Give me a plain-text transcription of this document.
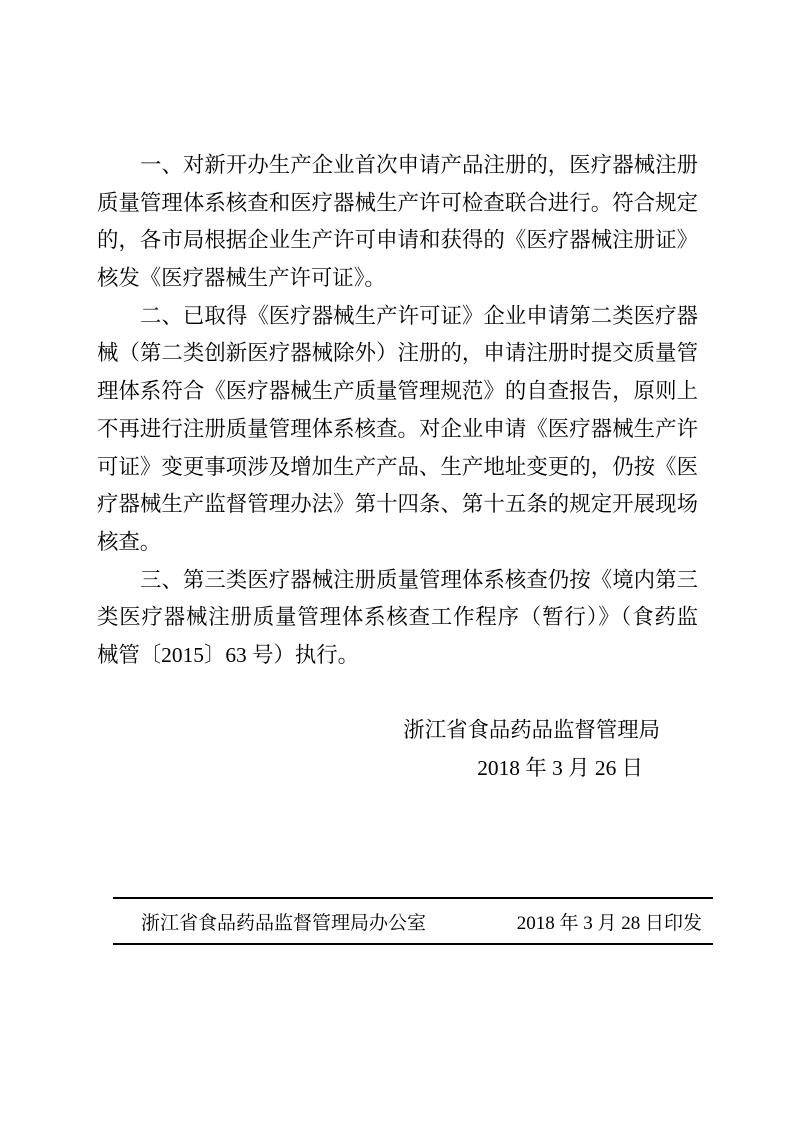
一、对新开办生产企业首次申请产品注册的，医疗器械注册
质量管理体系核查和医疗器械生产许可检查联合进行。符合规定
的，各市局根据企业生产许可申请和获得的《医疗器械注册证》
核发《医疗器械生产许可证》。
二、已取得《医疗器械生产许可证》企业申请第二类医疗器
械（第二类创新医疗器械除外）注册的，申请注册时提交质量管
理体系符合《医疗器械生产质量管理规范》的自查报告，原则上
不再进行注册质量管理体系核查。对企业申请《医疗器械生产许
可证》变更事项涉及增加生产产品、生产地址变更的，仍按《医
疗器械生产监督管理办法》第十四条、第十五条的规定开展现场
核查。
三、第三类医疗器械注册质量管理体系核查仍按《境内第三
类医疗器械注册质量管理体系核查工作程序（暂行）》（食药监
械管〔2015〕63 号）执行。
浙江省食品药品监督管理局
2018 年 3 月 26 日
浙江省食品药品监督管理局办公室	2018 年 3 月 28 日印发
